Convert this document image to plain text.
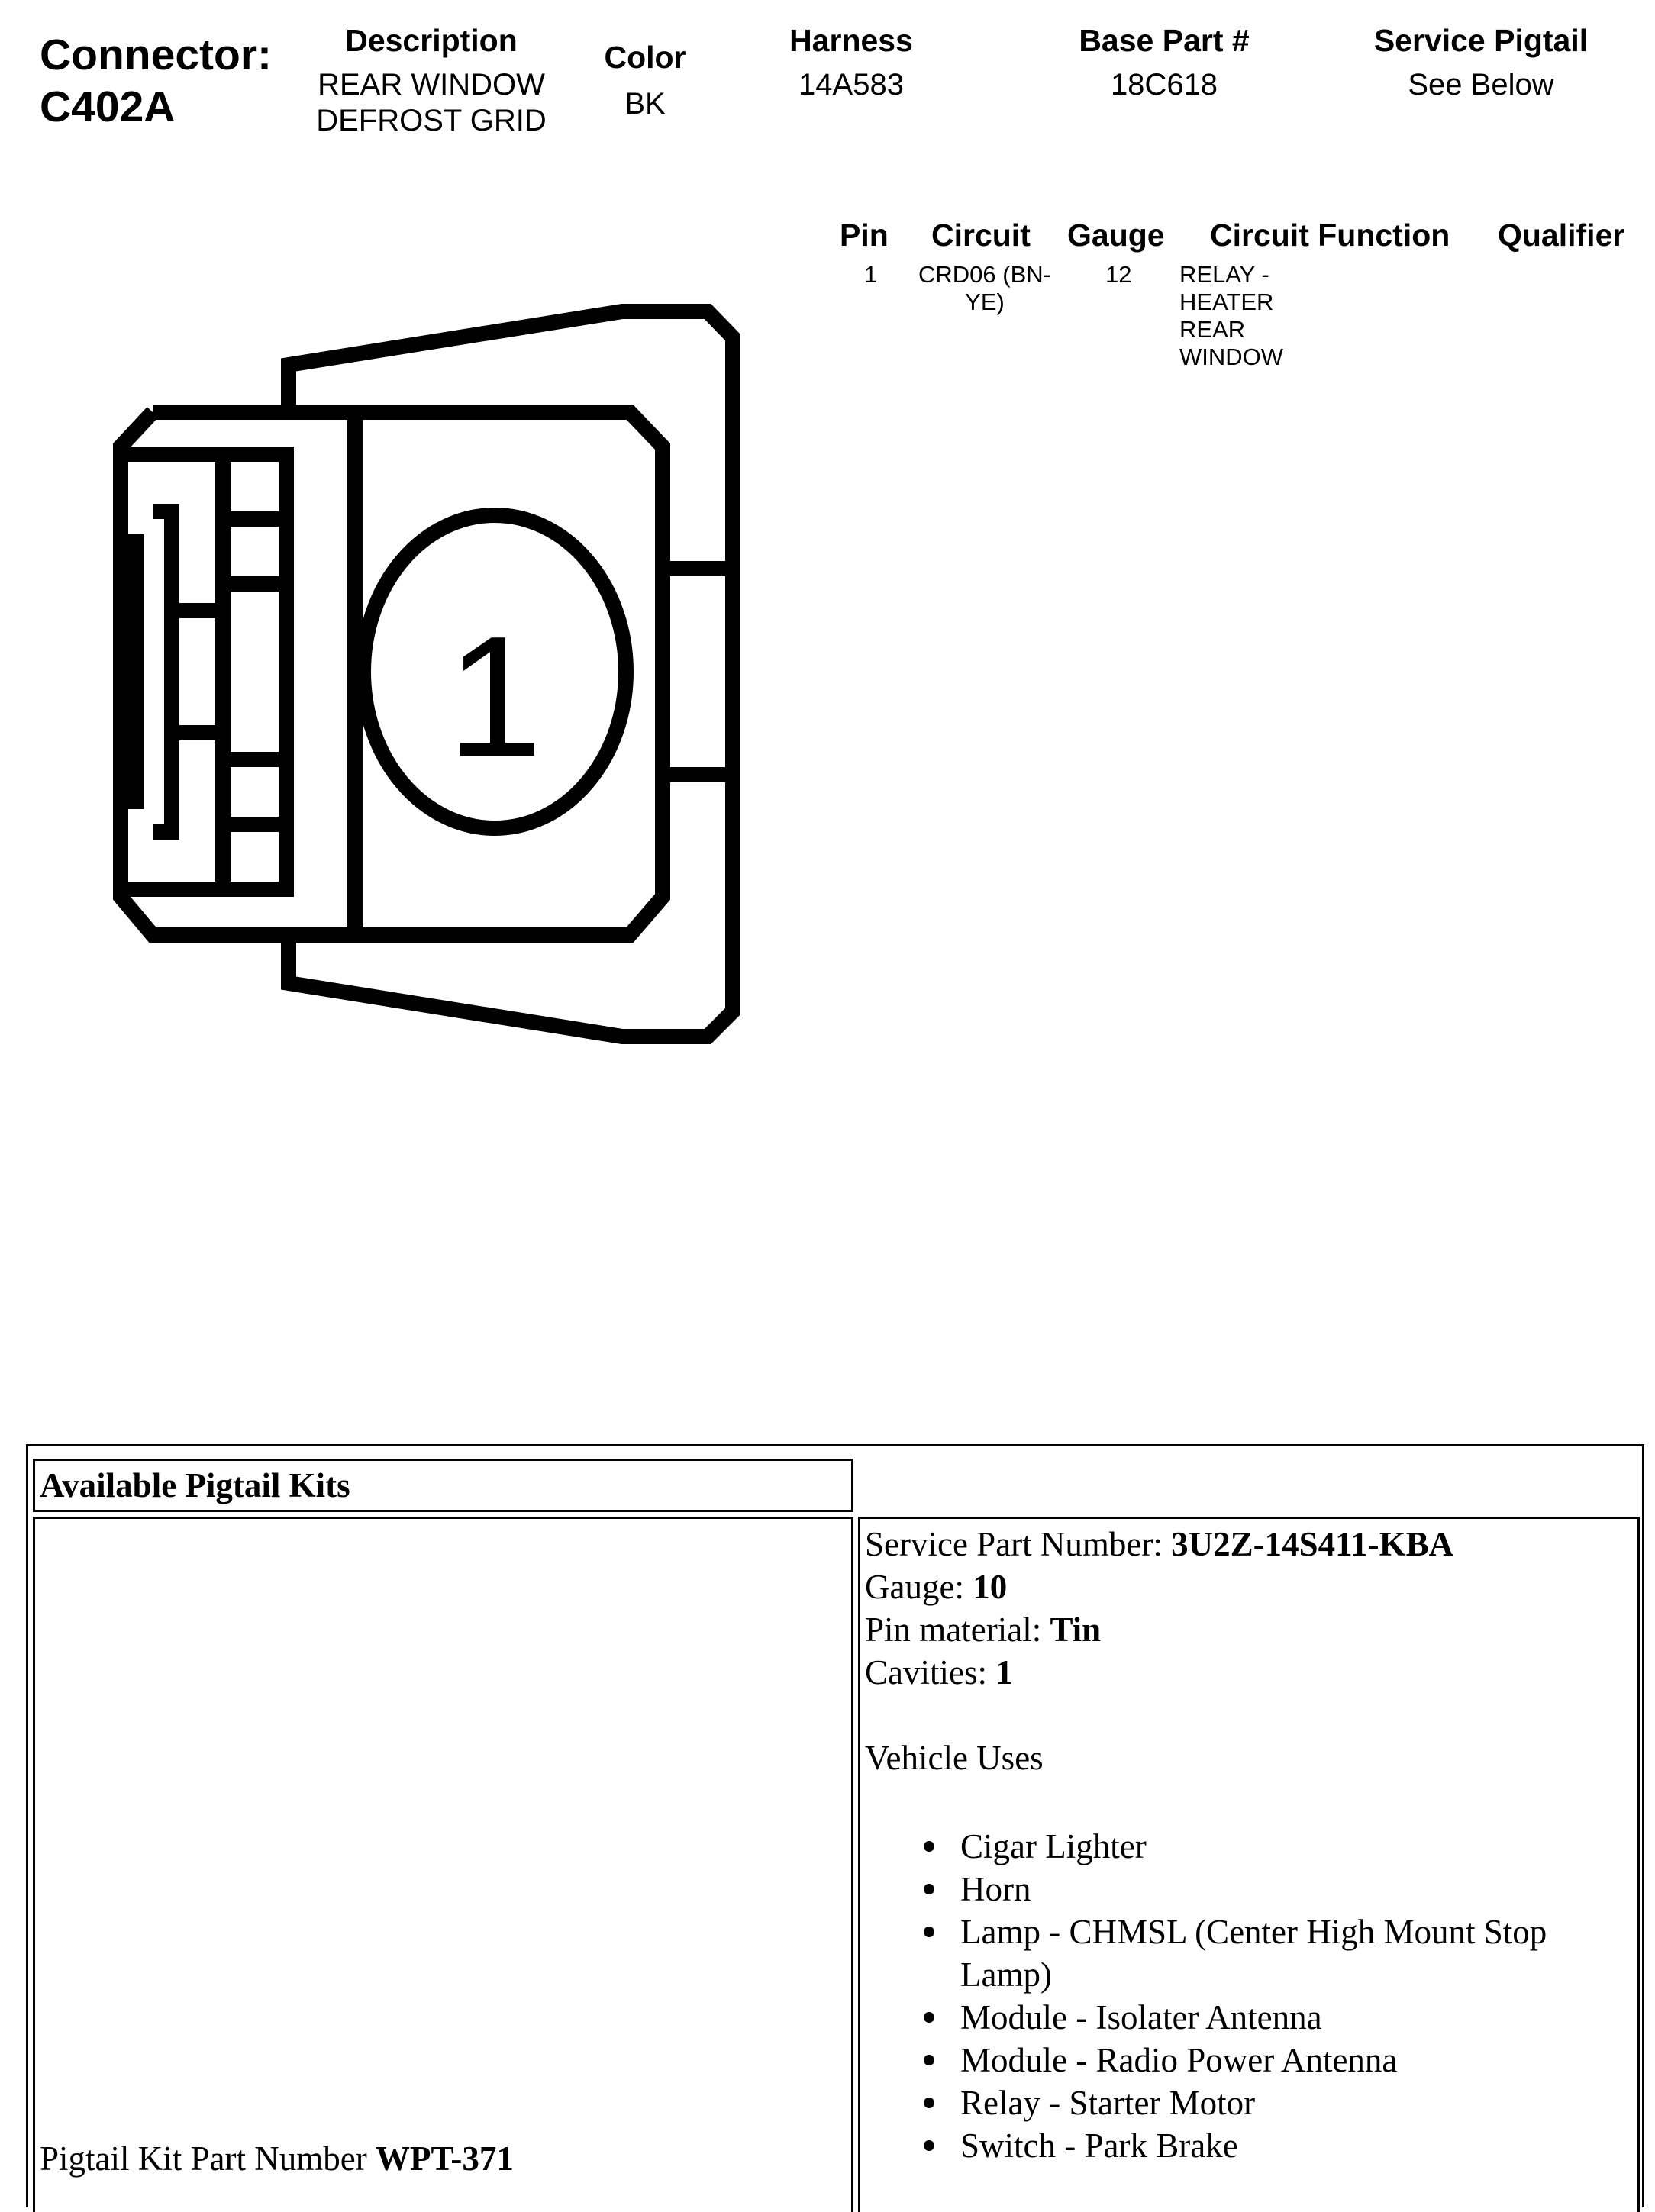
Connector:
C402A
Description
REAR WINDOW
DEFROST GRID
Color
BK
Harness
14A583
Base Part #
18C618
Service Pigtail
See Below
Pin Circuit Gauge Circuit Function Qualifier
1	CRD06 (BN-
YE)
12 RELAY - HEATER REAR
WINDOW
1
Available Pigtail Kits
Pigtail Kit Part Number WPT-371
Service Part Number: 3U2Z-14S411-KBA
Gauge: 10
Pin material: Tin
Cavities: 1
Vehicle Uses
Cigar Lighter
Horn
Lamp - CHMSL (Center High Mount Stop
Lamp)
Module - Isolater Antenna
Module - Radio Power Antenna
Relay - Starter Motor
Switch - Park Brake
